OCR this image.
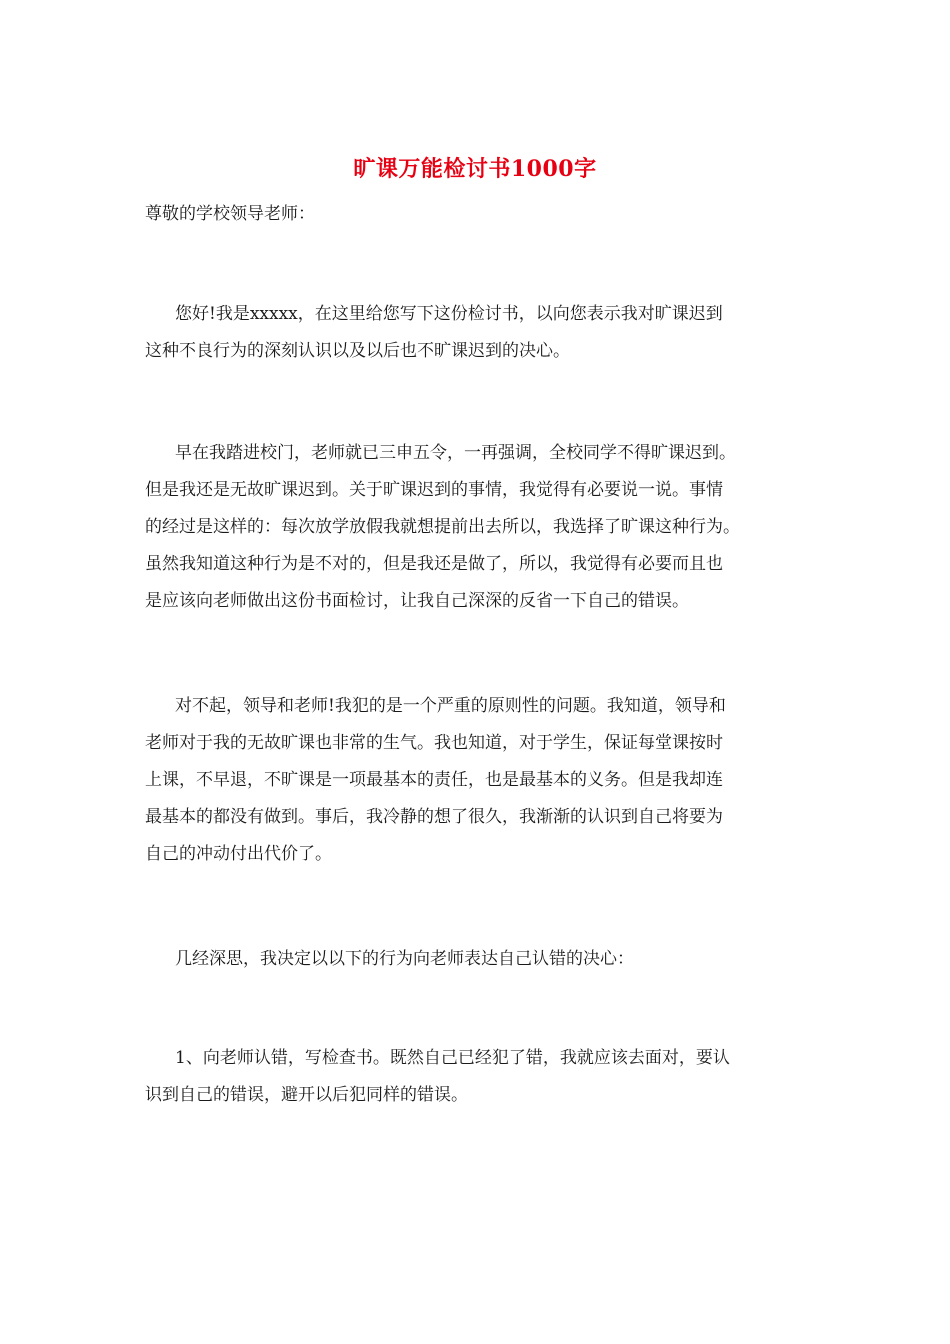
旷课万能检讨书1000字
尊敬的学校领导老师：
您好!我是xxxxx，在这里给您写下这份检讨书，以向您表示我对旷课迟到
这种不良行为的深刻认识以及以后也不旷课迟到的决心。
早在我踏进校门，老师就已三申五令，一再强调，全校同学不得旷课迟到。
但是我还是无故旷课迟到。关于旷课迟到的事情，我觉得有必要说一说。事情
的经过是这样的：每次放学放假我就想提前出去所以，我选择了旷课这种行为。
虽然我知道这种行为是不对的，但是我还是做了，所以，我觉得有必要而且也
是应该向老师做出这份书面检讨，让我自己深深的反省一下自己的错误。
对不起，领导和老师!我犯的是一个严重的原则性的问题。我知道，领导和
老师对于我的无故旷课也非常的生气。我也知道，对于学生，保证每堂课按时
上课，不早退，不旷课是一项最基本的责任，也是最基本的义务。但是我却连
最基本的都没有做到。事后，我冷静的想了很久，我渐渐的认识到自己将要为
自己的冲动付出代价了。
几经深思，我决定以以下的行为向老师表达自己认错的决心：
1、向老师认错，写检查书。既然自己已经犯了错，我就应该去面对，要认
识到自己的错误，避开以后犯同样的错误。
